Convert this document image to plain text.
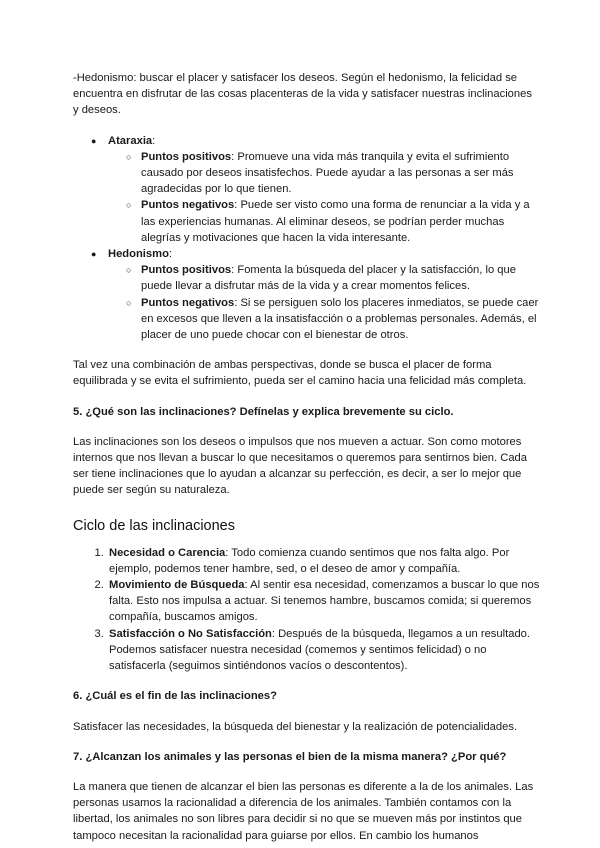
-Hedonismo: buscar el placer y satisfacer los deseos. Según el hedonismo, la felicidad se encuentra en disfrutar de las cosas placenteras de la vida y satisfacer nuestras inclinaciones y deseos.

● Ataraxia:
○ Puntos positivos: Promueve una vida más tranquila y evita el sufrimiento causado por deseos insatisfechos. Puede ayudar a las personas a ser más agradecidas por lo que tienen.
○ Puntos negativos: Puede ser visto como una forma de renunciar a la vida y a las experiencias humanas. Al eliminar deseos, se podrían perder muchas alegrías y motivaciones que hacen la vida interesante.
● Hedonismo:
○ Puntos positivos: Fomenta la búsqueda del placer y la satisfacción, lo que puede llevar a disfrutar más de la vida y a crear momentos felices.
○ Puntos negativos: Si se persiguen solo los placeres inmediatos, se puede caer en excesos que lleven a la insatisfacción o a problemas personales. Además, el placer de uno puede chocar con el bienestar de otros.

Tal vez una combinación de ambas perspectivas, donde se busca el placer de forma equilibrada y se evita el sufrimiento, pueda ser el camino hacia una felicidad más completa.

5. ¿Qué son las inclinaciones? Defínelas y explica brevemente su ciclo.

Las inclinaciones son los deseos o impulsos que nos mueven a actuar. Son como motores internos que nos llevan a buscar lo que necesitamos o queremos para sentirnos bien. Cada ser tiene inclinaciones que lo ayudan a alcanzar su perfección, es decir, a ser lo mejor que puede ser según su naturaleza.

Ciclo de las inclinaciones
1. Necesidad o Carencia: Todo comienza cuando sentimos que nos falta algo. Por ejemplo, podemos tener hambre, sed, o el deseo de amor y compañía.
2. Movimiento de Búsqueda: Al sentir esa necesidad, comenzamos a buscar lo que nos falta. Esto nos impulsa a actuar. Si tenemos hambre, buscamos comida; si queremos compañía, buscamos amigos.
3. Satisfacción o No Satisfacción: Después de la búsqueda, llegamos a un resultado. Podemos satisfacer nuestra necesidad (comemos y sentimos felicidad) o no satisfacerla (seguimos sintiéndonos vacíos o descontentos).

6. ¿Cuál es el fin de las inclinaciones?

Satisfacer las necesidades, la búsqueda del bienestar y la realización de potencialidades.

7. ¿Alcanzan los animales y las personas el bien de la misma manera? ¿Por qué?

La manera que tienen de alcanzar el bien las personas es diferente a la de los animales. Las personas usamos la racionalidad a diferencia de los animales. También contamos con la libertad, los animales no son libres para decidir si no que se mueven más por instintos que tampoco necesitan la racionalidad para guiarse por ellos. En cambio los humanos
